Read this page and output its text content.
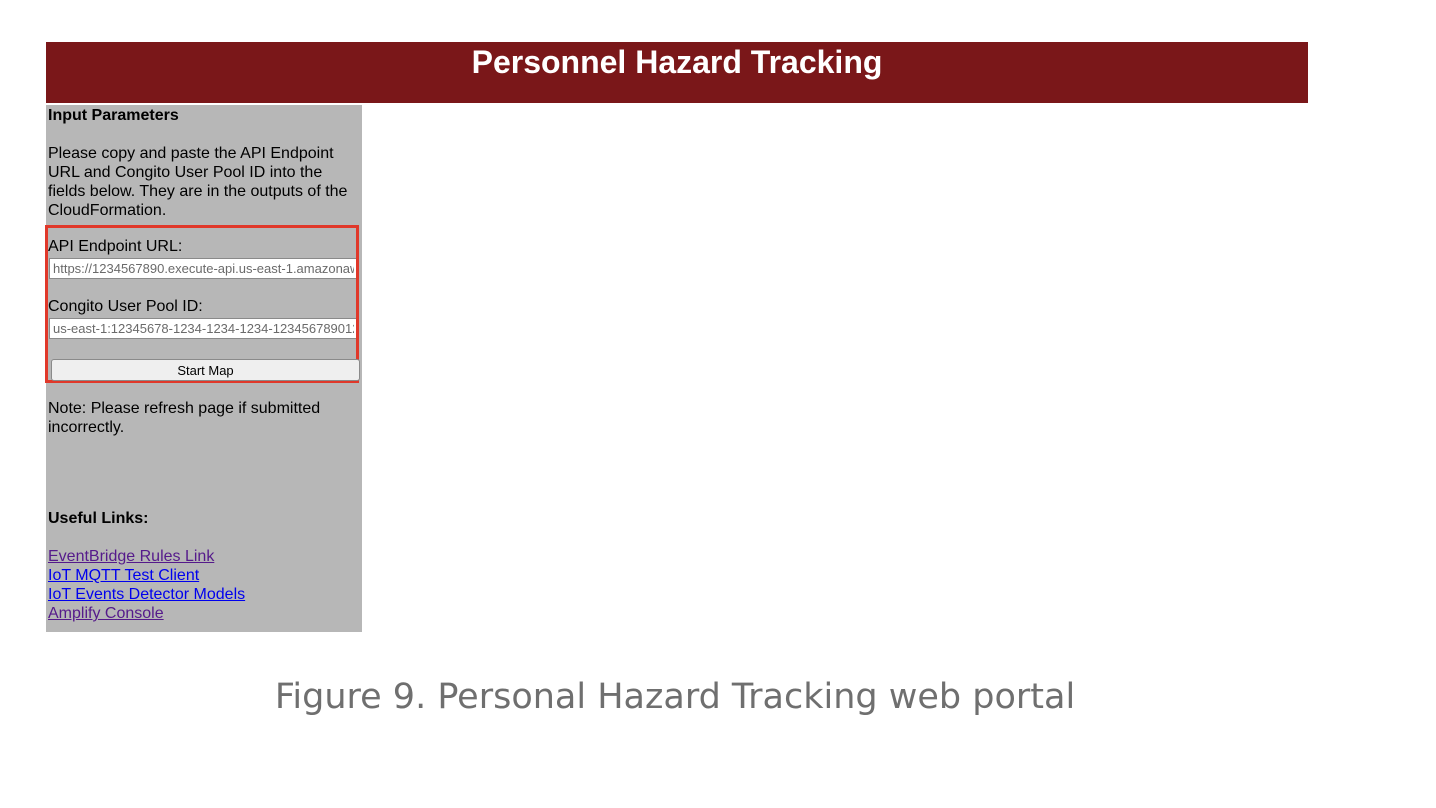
Personnel Hazard Tracking
Input Parameters
Please copy and paste the API Endpoint URL and Congito User Pool ID into the fields below. They are in the outputs of the CloudFormation.
API Endpoint URL:
https://1234567890.execute-api.us-east-1.amazonaws.com/prod
Congito User Pool ID:
us-east-1:12345678-1234-1234-1234-123456789012
Note: Please refresh page if submitted incorrectly.
Useful Links:
EventBridge Rules Link
IoT MQTT Test Client
IoT Events Detector Models
Amplify Console
Start Map
Figure 9. Personal Hazard Tracking web portal
